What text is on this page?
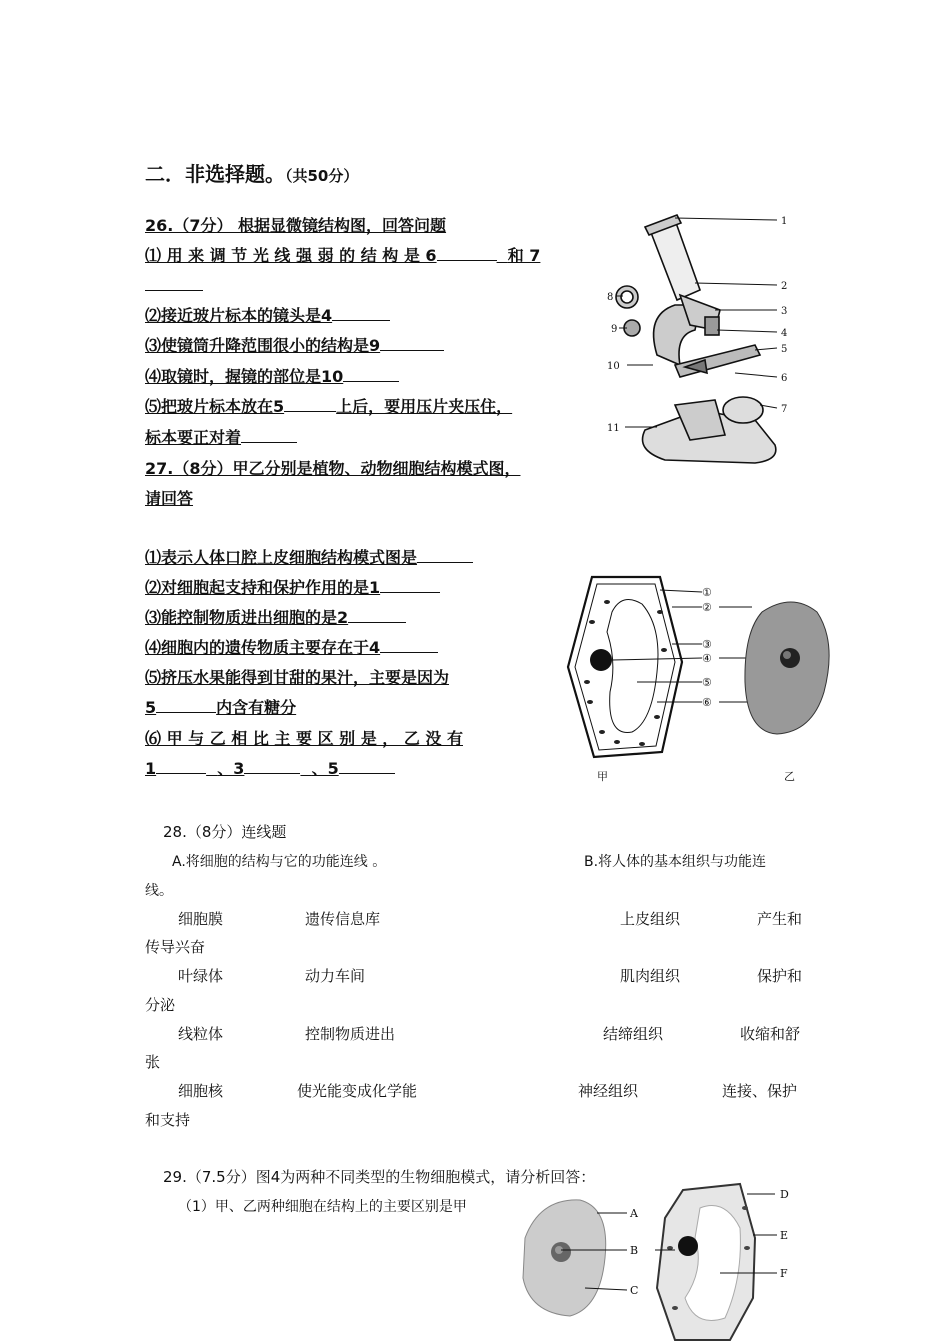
二．非选择题。（共50分）
26.（7分） 根据显微镜结构图，回答问题
⑴ 用 来 调 节 光 线 强 弱 的 结 构 是 6	和 7
⑵接近玻片标本的镜头是4
⑶使镜筒升降范围很小的结构是9
⑷取镜时，握镜的部位是10
⑸把玻片标本放在5	上后，要用压片夹压住，
标本要正对着
1
2
3
4
5
6
7
8
9
10
11
27.（8分）甲乙分别是植物、动物细胞结构模式图，
请回答
⑴表示人体口腔上皮细胞结构模式图是
⑵对细胞起支持和保护作用的是1
⑶能控制物质进出细胞的是2
⑷细胞内的遗传物质主要存在于4
⑸挤压水果能得到甘甜的果汁，主要是因为
5	内含有糖分
⑹ 甲 与 乙 相 比 主 要 区 别 是 ， 乙 没 有
1	、3	、5
①
②
③
④
⑤
⑥
甲	乙
28.（8分）连线题
A.将细胞的结构与它的功能连线 。	B.将人体的基本组织与功能连
线。
细胞膜	遗传信息库	上皮组织	产生和
传导兴奋
叶绿体	动力车间	肌肉组织	保护和
分泌
线粒体	控制物质进出	结缔组织	收缩和舒
张
细胞核	使光能变成化学能	神经组织	连接、保护
和支持
29.（7.5分）图4为两种不同类型的生物细胞模式，请分析回答：
（1）甲、乙两种细胞在结构上的主要区别是甲	A
B
C
D
E
F
